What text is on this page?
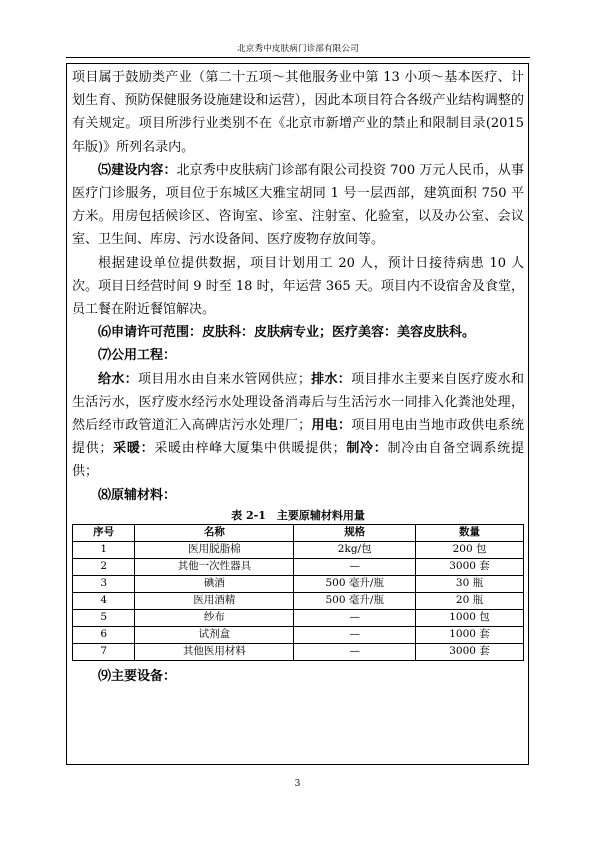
北京秀中皮肤病门诊部有限公司

项目属于鼓励类产业（第二十五项～其他服务业中第 13 小项～基本医疗、计划生育、预防保健服务设施建设和运营），因此本项目符合各级产业结构调整的有关规定。项目所涉行业类别不在《北京市新增产业的禁止和限制目录(2015 年版)》所列名录内。

⑸建设内容：北京秀中皮肤病门诊部有限公司投资 700 万元人民币，从事医疗门诊服务，项目位于东城区大雅宝胡同 1 号一层西部，建筑面积 750 平方米。用房包括候诊区、咨询室、诊室、注射室、化验室，以及办公室、会议室、卫生间、库房、污水设备间、医疗废物存放间等。

根据建设单位提供数据，项目计划用工 20 人，预计日接待病患 10 人次。项目日经营时间 9 时至 18 时，年运营 365 天。项目内不设宿舍及食堂，员工餐在附近餐馆解决。

⑹申请许可范围：皮肤科：皮肤病专业；医疗美容：美容皮肤科。

⑺公用工程：

给水：项目用水由自来水管网供应；排水：项目排水主要来自医疗废水和生活污水，医疗废水经污水处理设备消毒后与生活污水一同排入化粪池处理，然后经市政管道汇入高碑店污水处理厂；用电：项目用电由当地市政供电系统提供；采暖：采暖由梓峰大厦集中供暖提供；制冷：制冷由自备空调系统提供；

⑻原辅材料：

表 2-1　主要原辅材料用量
序号	名称	规格	数量
1	医用脱脂棉	2kg/包	200 包
2	其他一次性器具	—	3000 套
3	碘酒	500 毫升/瓶	30 瓶
4	医用酒精	500 毫升/瓶	20 瓶
5	纱布	—	1000 包
6	试剂盒	—	1000 套
7	其他医用材料	—	3000 套

⑼主要设备：

3
